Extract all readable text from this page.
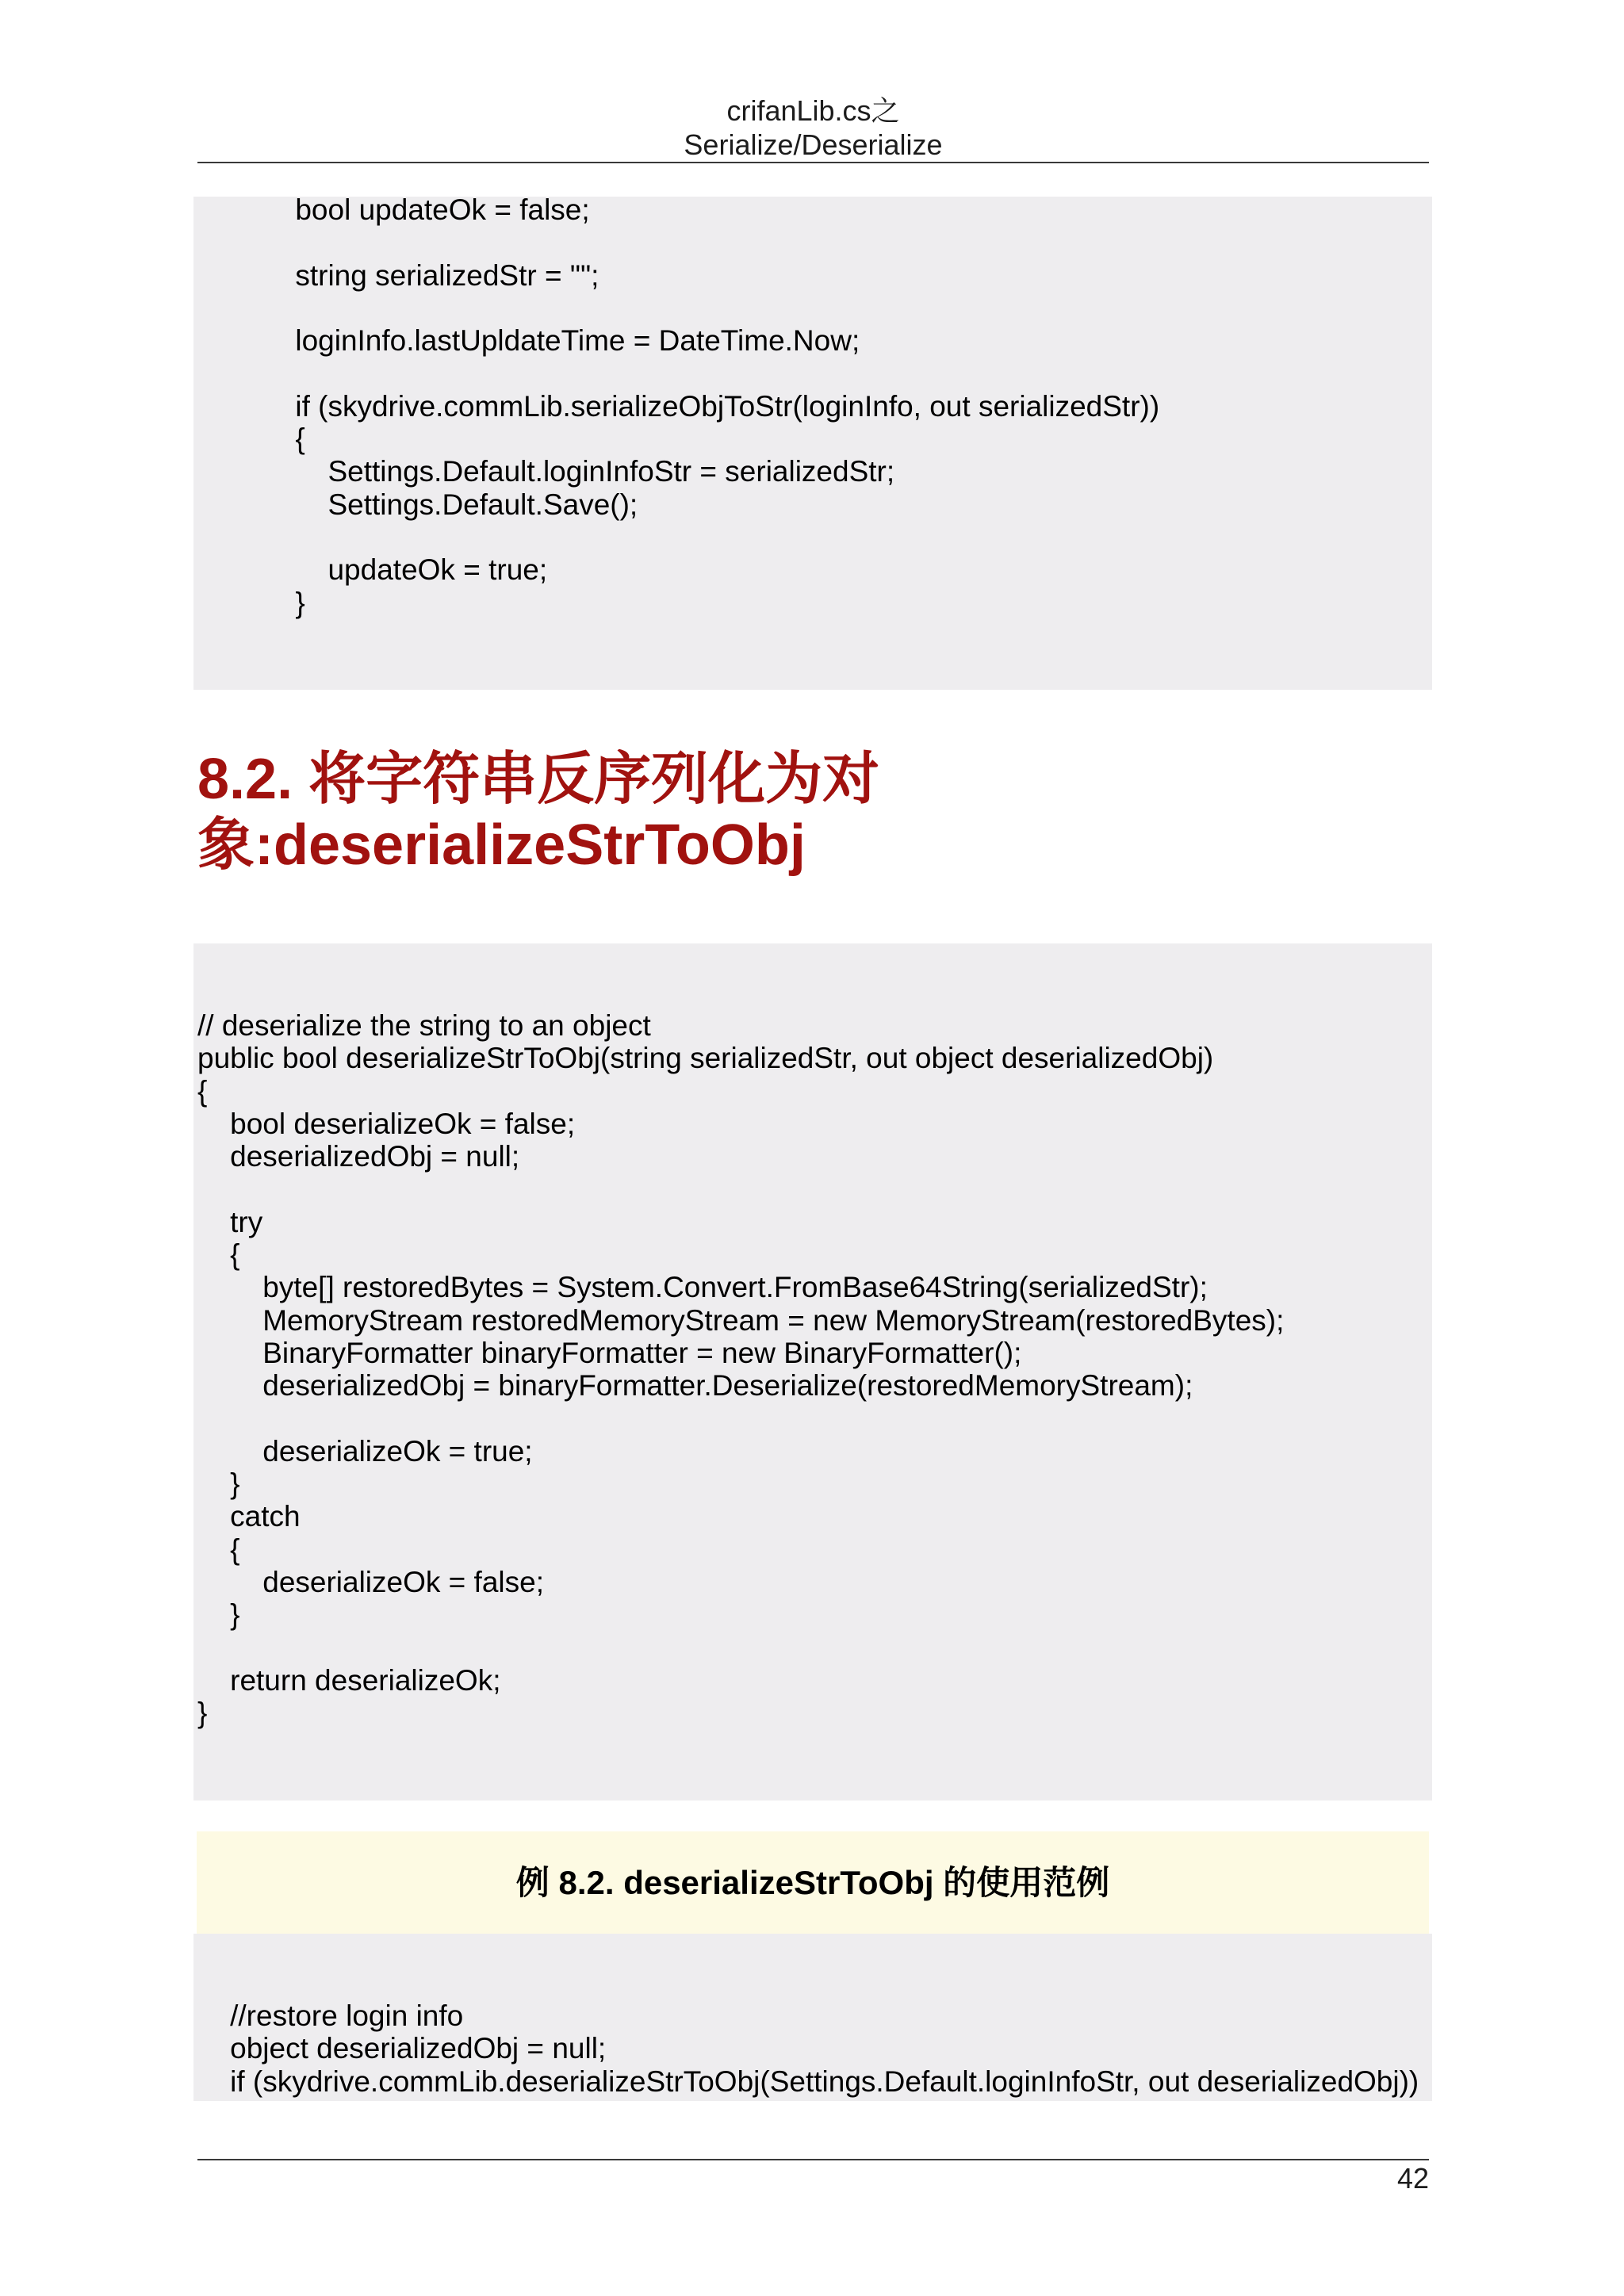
crifanLib.cs之
Serialize/Deserialize
bool updateOk = false;
string serializedStr = "";
loginInfo.lastUpldateTime = DateTime.Now;
if (skydrive.commLib.serializeObjToStr(loginInfo, out serializedStr))
{
Settings.Default.loginInfoStr = serializedStr;
Settings.Default.Save();
updateOk = true;
}
8.2. 将字符串反序列化为对象:deserializeStrToObj
// deserialize the string to an object
public bool deserializeStrToObj(string serializedStr, out object deserializedObj)
{
bool deserializeOk = false;
deserializedObj = null;
try
{
byte[] restoredBytes = System.Convert.FromBase64String(serializedStr);
MemoryStream restoredMemoryStream = new MemoryStream(restoredBytes);
BinaryFormatter binaryFormatter = new BinaryFormatter();
deserializedObj = binaryFormatter.Deserialize(restoredMemoryStream);
deserializeOk = true;
}
catch
{
deserializeOk = false;
}
return deserializeOk;
}
例 8.2. deserializeStrToObj 的使用范例
//restore login info
object deserializedObj = null;
if (skydrive.commLib.deserializeStrToObj(Settings.Default.loginInfoStr, out deserializedObj))
42
